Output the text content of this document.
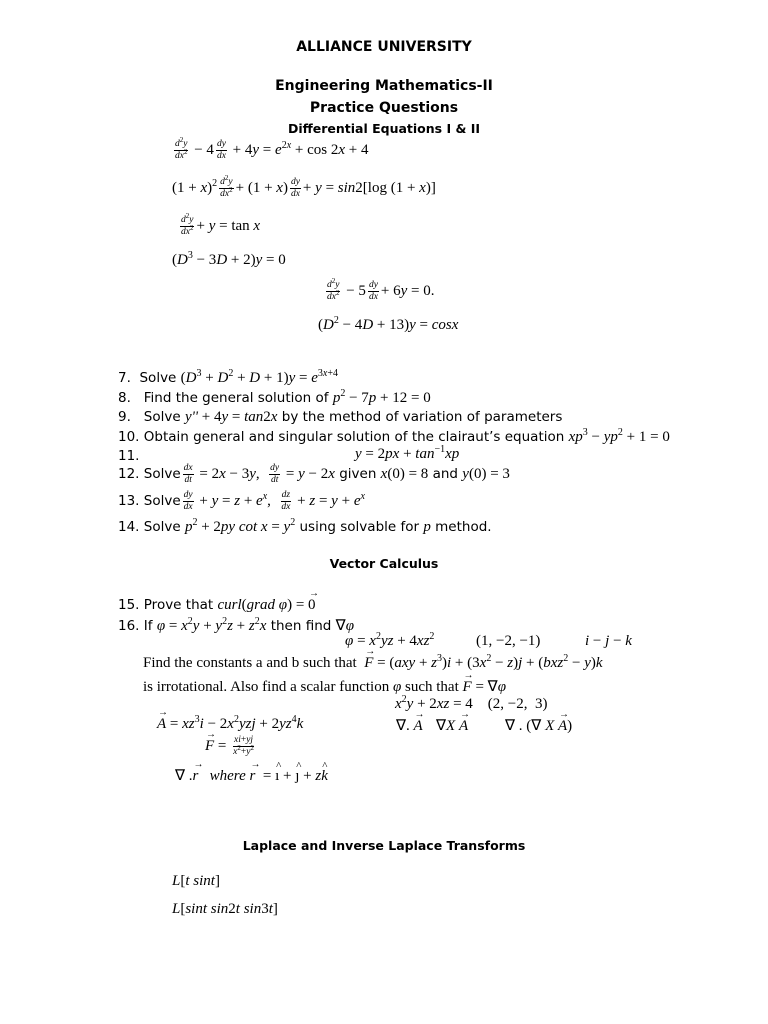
ALLIANCE UNIVERSITY
Engineering Mathematics-II
Practice Questions
Differential Equations I & II
$\frac{d^2y}{dx^2} - 4 \frac{dy}{dx} + 4y = e^{2x} + \cos 2x + 4$
$(1 + x)^2 \frac{d^2y}{dx^2} + (1 + x) \frac{dy}{dx} + y = \sin 2[\log$ (1 + x)]
$\frac{d^2y}{dx^2} + y = \tan x$
$(D^3 - 3D + 2)y = 0$
$\frac{d^2y}{dx^2} - 5 \frac{dy}{dx} + 6y = 0$.
$(D^2 - 4D + 13)y = \cos x$
7. Solve $(D^3 + D^2 + D + 1)y = e^{3x+4}$
8. Find the general solution of $p^2 - 7p + 12 = 0$
9. Solve y'' + 4y = tan2x by the method of variation of parameters
10. Obtain general and singular solution of the clairaut’s equation $xp^3 - yp^2 + 1 = 0$
11.	$y = 2px + \tan^{-1}xp$
12. Solve $\frac{dx}{dt} = 2x - 3y$, $\frac{dy}{dt} = y - 2x$ given x(0) = 8 and y(0) = 3
13. Solve $\frac{dy}{dx} + y = z + e^x$, $\frac{dz}{dx} + z = y + e^x$
14. Solve $p^2 + 2py$ $\cot x = y^2$ using solvable for p method.
Vector Calculus
15. Prove that curl(grad φ) = → 0
16. If $\varphi = x^2y + y^2z + z^2x$ then find ∇φ
$\varphi = x^2yz + 4xz^2$	(1, −2, −1)	i − j − k
Find the constants a and b such that → $F = (axy + z^3)i + (3x^2 - z)j + (bxz^2 - y)k$
is irrotational. Also find a scalar function φ such that → F = ∇φ
$x^2y + 2xz = 4$    (2, −2,  3)
→ $A = xz^3i - 2x^2yzj + 2yz^4k$	∇. → A ∇X → A ∇ . (∇ X → A)
→ $F = \frac{xi+yj}{x^2+y^2}$
∇ .→ r where → r  = ^ ı + ^ ȷ + z^ k
Laplace and Inverse Laplace Transforms
L[t sint]
L[sint sin2t sin3t]
